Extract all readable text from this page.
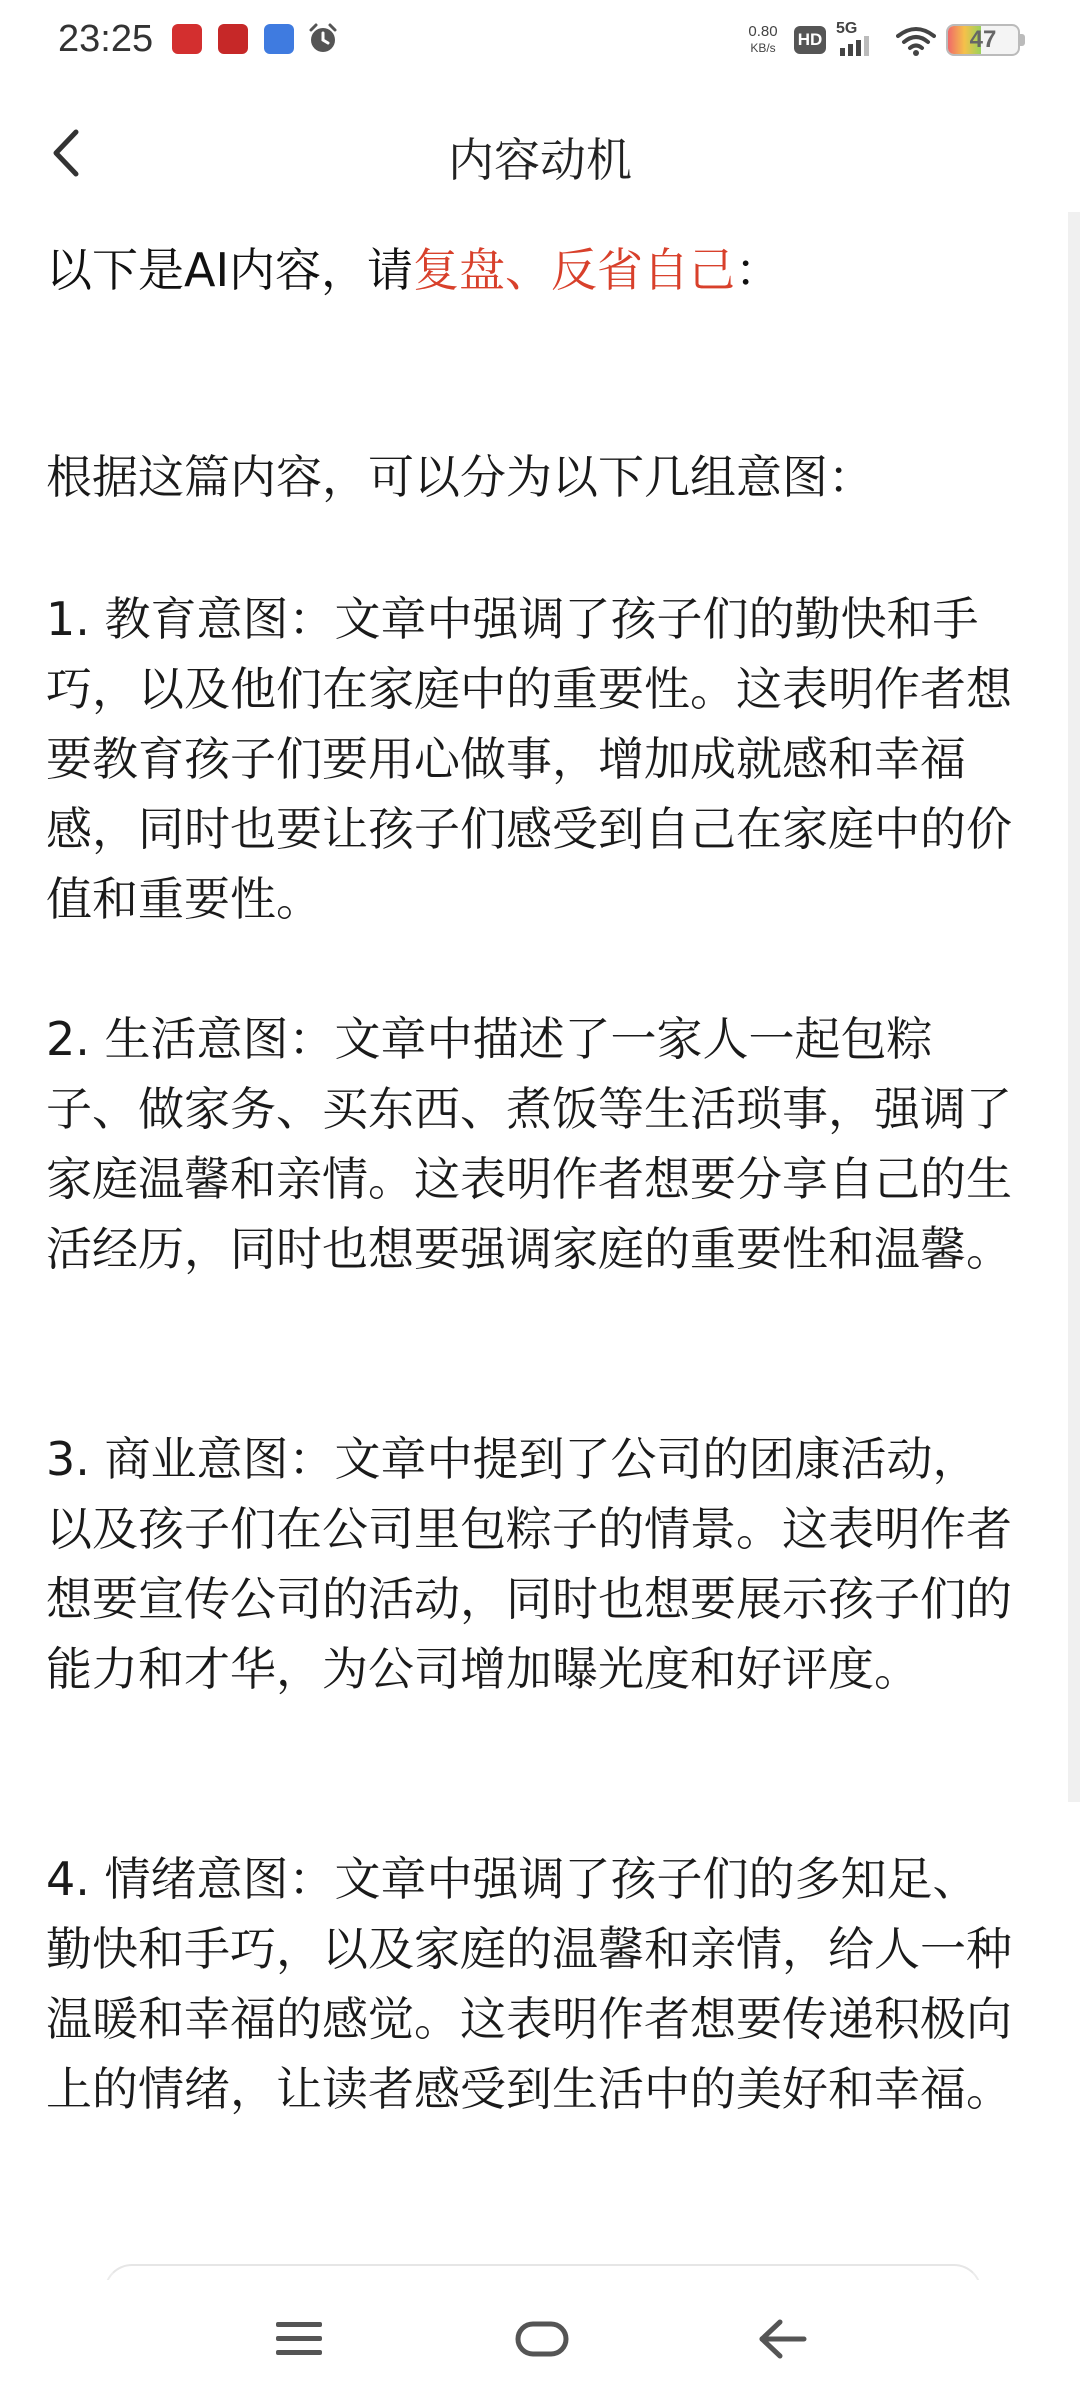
23:25	0.80
KB/s	HD
5G	47
内容动机

以下是AI内容，请复盘、反省自己：

根据这篇内容，可以分为以下几组意图：

1. 教育意图：文章中强调了孩子们的勤快和手巧，以及他们在家庭中的重要性。这表明作者想要教育孩子们要用心做事，增加成就感和幸福感，同时也要让孩子们感受到自己在家庭中的价值和重要性。

2. 生活意图：文章中描述了一家人一起包粽子、做家务、买东西、煮饭等生活琐事，强调了家庭温馨和亲情。这表明作者想要分享自己的生活经历，同时也想要强调家庭的重要性和温馨。

3. 商业意图：文章中提到了公司的团康活动，以及孩子们在公司里包粽子的情景。这表明作者想要宣传公司的活动，同时也想要展示孩子们的能力和才华，为公司增加曝光度和好评度。

4. 情绪意图：文章中强调了孩子们的多知足、勤快和手巧，以及家庭的温馨和亲情，给人一种温暖和幸福的感觉。这表明作者想要传递积极向上的情绪，让读者感受到生活中的美好和幸福。
